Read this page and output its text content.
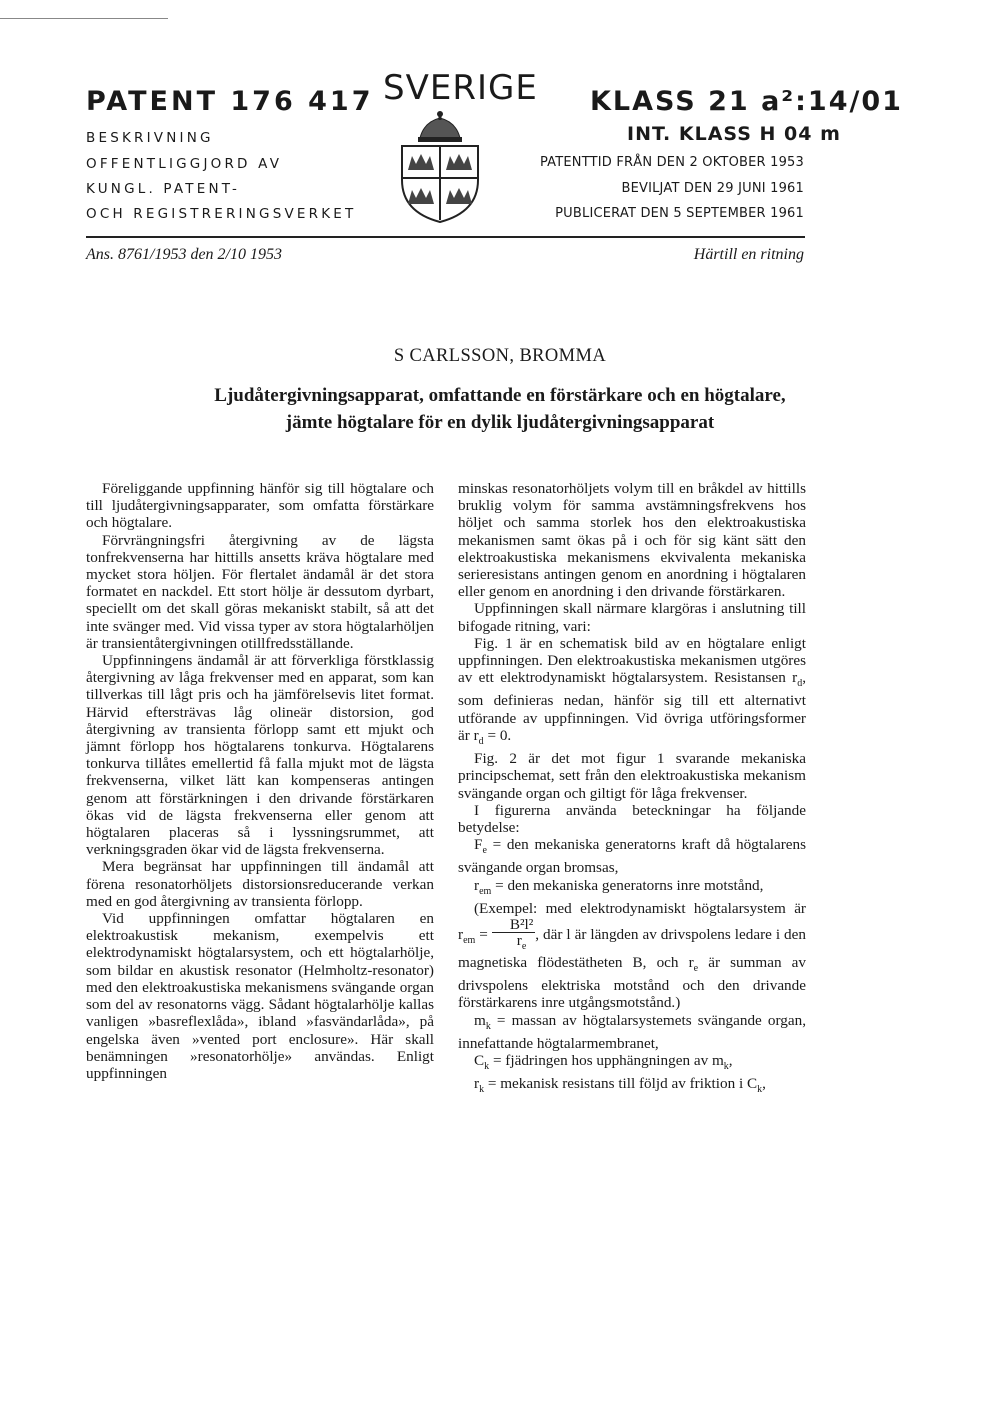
PATENT 176 417
BESKRIVNING
OFFENTLIGGJORD AV
KUNGL. PATENT-
OCH REGISTRERINGSVERKET
SVERIGE KLASS 21 a²:14/01
INT. KLASS H 04 m
PATENTTID FRÅN DEN 2 OKTOBER 1953
BEVILJAT DEN 29 JUNI 1961
PUBLICERAT DEN 5 SEPTEMBER 1961
Ans. 8761/1953 den 2/10 1953	Härtill en ritning
S CARLSSON, BROMMA
Ljudåtergivningsapparat, omfattande en förstärkare och en högtalare,
jämte högtalare för en dylik ljudåtergivningsapparat

Föreliggande uppfinning hänför sig till högtalare och till ljudåtergivningsapparater, som omfatta förstärkare och högtalare.

Förvrängningsfri återgivning av de lägsta tonfrekvenserna har hittills ansetts kräva högtalare med mycket stora höljen. För flertalet ändamål är det stora formatet en nackdel. Ett stort hölje är dessutom dyrbart, speciellt om det skall göras mekaniskt stabilt, så att det inte svänger med. Vid vissa typer av stora högtalarhöljen är transientåtergivningen otillfredsställande.

Uppfinningens ändamål är att förverkliga förstklassig återgivning av låga frekvenser med en apparat, som kan tillverkas till lågt pris och ha jämförelsevis litet format. Härvid eftersträvas låg olineär distorsion, god återgivning av transienta förlopp samt ett mjukt och jämnt förlopp hos högtalarens tonkurva. Högtalarens tonkurva tillåtes emellertid få falla mjukt mot de lägsta frekvenserna, vilket lätt kan kompenseras antingen genom att förstärkningen i den drivande förstärkaren ökas vid de lägsta frekvenserna eller genom att högtalaren placeras så i lyssningsrummet, att verkningsgraden ökar vid de lägsta frekvenserna.

Mera begränsat har uppfinningen till ändamål att förena resonatorhöljets distorsionsreducerande verkan med en god återgivning av transienta förlopp.

Vid uppfinningen omfattar högtalaren en elektroakustisk mekanism, exempelvis ett elektrodynamiskt högtalarsystem, och ett högtalarhölje, som bildar en akustisk resonator (Helmholtz-resonator) med den elektroakustiska mekanismens svängande organ som del av resonatorns vägg. Sådant högtalarhölje kallas vanligen »basreflexlåda», ibland »fasvändarlåda», på engelska även »vented port enclosure». Här skall benämningen »resonatorhölje» användas. Enligt uppfinningen

minskas resonatorhöljets volym till en bråkdel av hittills bruklig volym för samma avstämningsfrekvens hos höljet och samma storlek hos den elektroakustiska mekanismen samt ökas på i och för sig känt sätt den elektroakustiska mekanismens ekvivalenta mekaniska serieresistans antingen genom en anordning i högtalaren eller genom en anordning i den drivande förstärkaren.

Uppfinningen skall närmare klargöras i anslutning till bifogade ritning, vari:

Fig. 1 är en schematisk bild av en högtalare enligt uppfinningen. Den elektroakustiska mekanismen utgöres av ett elektrodynamiskt högtalarsystem. Resistansen $r_d$, som definieras nedan, hänför sig till ett alternativt utförande av uppfinningen. Vid övriga utföringsformer är $r_d = 0$.

Fig. 2 är det mot figur 1 svarande mekaniska principschemat, sett från den elektroakustiska mekanism svängande organ och giltigt för låga frekvenser.

I figurerna använda beteckningar ha följande betydelse:

$F_e$ = den mekaniska generatorns kraft då högtalarens svängande organ bromsas,

$r_{em}$ = den mekaniska generatorns inre motstånd,

(Exempel: med elektrodynamiskt högtalarsystem är $r_{em} = \frac{\text{B²l²}}{r_e}$ , där l är längden av drivspolens ledare i den magnetiska flödestätheten B, och $r_e$ är summan av drivspolens elektriska motstånd och den drivande förstärkarens inre utgångsmotstånd.)

$m_k$ = massan av högtalarsystemets svängande organ, innefattande högtalarmembranet,

$C_k$ = fjädringen hos upphängningen av $m_k$,

$r_k$ = mekanisk resistans till följd av friktion i $C_k$,
